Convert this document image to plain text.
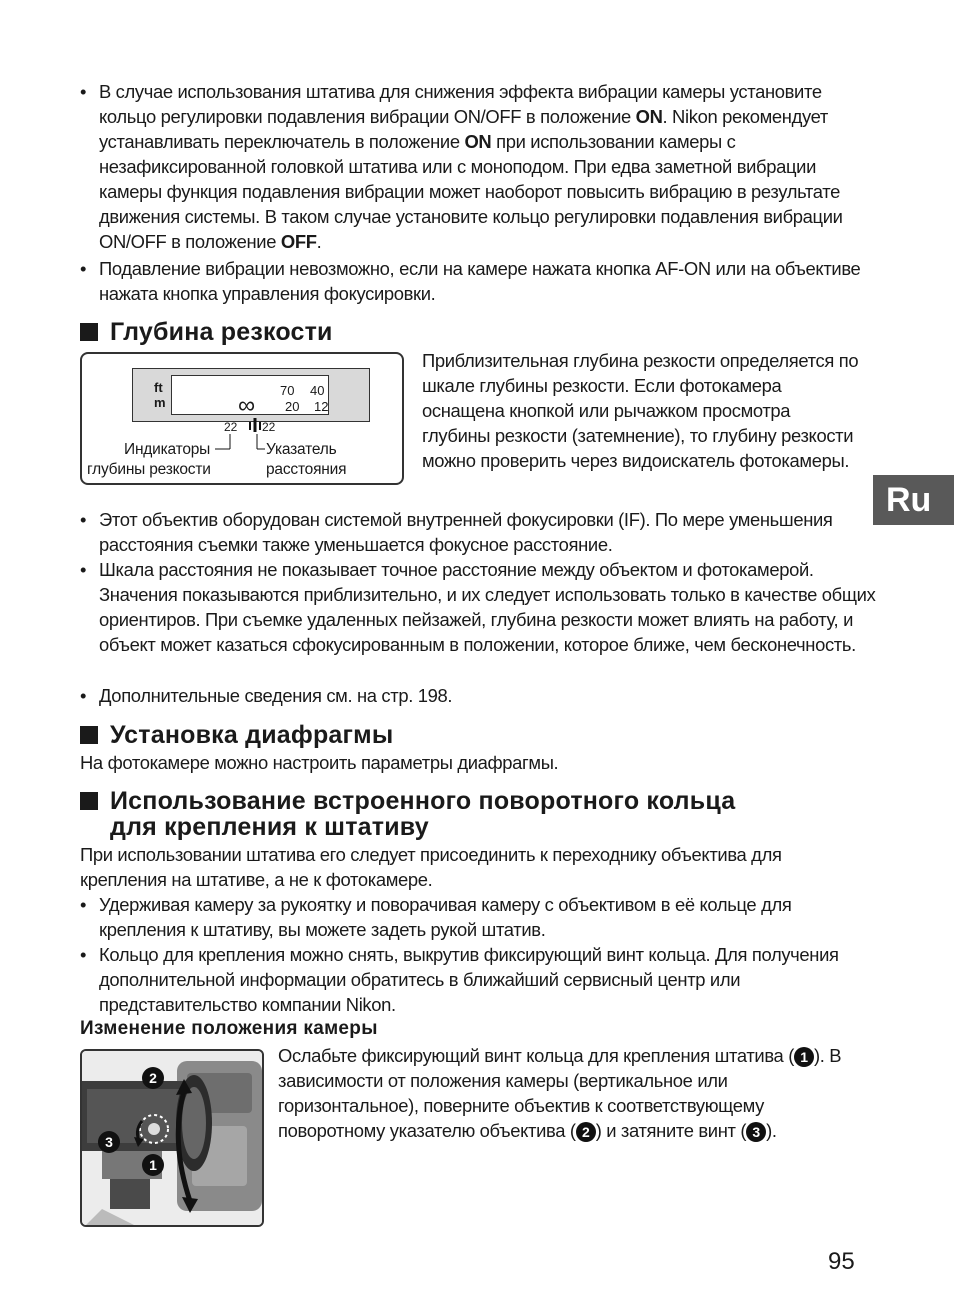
• В случае использования штатива для снижения эффекта вибрации камеры установите кольцо регулировки подавления вибрации ON/OFF в положение ON. Nikon рекомендует устанавливать переключатель в положение ON при использовании камеры с незафиксированной головкой штатива или с моноподом. При едва заметной вибрации камеры функция подавления вибрации может наоборот повысить вибрацию в результате движения системы. В таком случае установите кольцо регулировки подавления вибрации ON/OFF в положение OFF.
• Подавление вибрации невозможно, если на камере нажата кнопка AF-ON или на объективе нажата кнопка управления фокусировки.
Глубина резкости
ft
m
70 40
∞ 20 12
22 22
Индикаторы
глубины резкости
Указатель
расстояния
Приблизительная глубина резкости определяется по шкале глубины резкости. Если фотокамера оснащена кнопкой или рычажком просмотра глубины резкости (затемнение), то глубину резкости можно проверить через видоискатель фотокамеры.
• Этот объектив оборудован системой внутренней фокусировки (IF). По мере уменьшения расстояния съемки также уменьшается фокусное расстояние.
• Шкала расстояния не показывает точное расстояние между объектом и фотокамерой. Значения показываются приблизительно, и их следует использовать только в качестве общих ориентиров. При съемке удаленных пейзажей, глубина резкости может влиять на работу, и объект может казаться сфокусированным в положении, которое ближе, чем бесконечность.
• Дополнительные сведения см. на стр. 198.
Установка диафрагмы
На фотокамере можно настроить параметры диафрагмы.
Использование встроенного поворотного кольца
для крепления к штативу
При использовании штатива его следует присоединить к переходнику объектива для крепления на штативе, а не к фотокамере.
• Удерживая камеру за рукоятку и поворачивая камеру с объективом в её кольце для крепления к штативу, вы можете задеть рукой штатив.
• Кольцо для крепления можно снять, выкрутив фиксирующий винт кольца. Для получения дополнительной информации обратитесь в ближайший сервисный центр или представительство компании Nikon.
Изменение положения камеры
2
3
1
Ослабьте фиксирующий винт кольца для крепления штатива ( 1 ). В зависимости от положения камеры (вертикальное или горизонтальное), поверните объектив к соответствующему поворотному указателю объектива ( 2 ) и затяните винт ( 3 ).
Ru
95
